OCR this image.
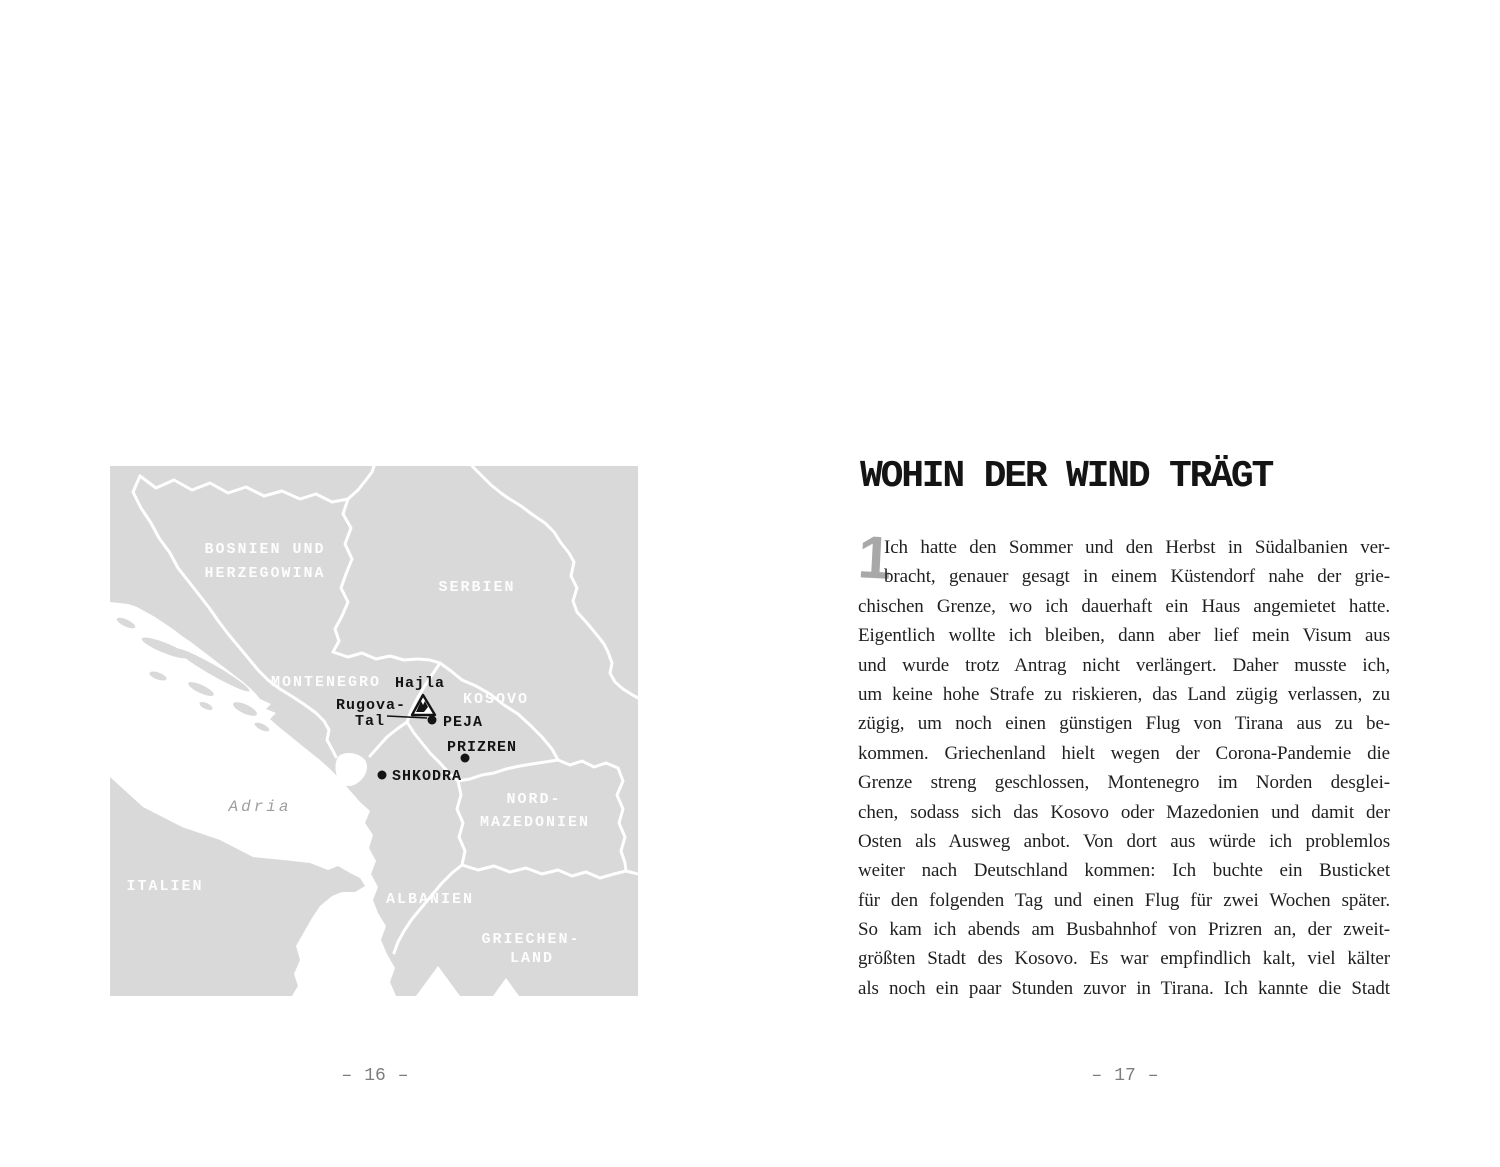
BOSNIEN UND
HERZEGOWINA
SERBIEN
MONTENEGRO
KOSOVO
NORD-
MAZEDONIEN
ALBANIEN
GRIECHEN-
LAND
ITALIEN
Adria
Hajla
Rugova-
Tal	PEJA
PRIZREN
SHKODRA
– 16 –
WOHIN DER WIND TRÄGT
1
Ich hatte den Sommer und den Herbst in Südalbanien ver-
bracht, genauer gesagt in einem Küstendorf nahe der grie-
chischen Grenze, wo ich dauerhaft ein Haus angemietet hatte.
Eigentlich wollte ich bleiben, dann aber lief mein Visum aus
und wurde trotz Antrag nicht verlängert. Daher musste ich,
um keine hohe Strafe zu riskieren, das Land zügig verlassen, zu
zügig, um noch einen günstigen Flug von Tirana aus zu be-
kommen. Griechenland hielt wegen der Corona-Pandemie die
Grenze streng geschlossen, Montenegro im Norden desglei-
chen, sodass sich das Kosovo oder Mazedonien und damit der
Osten als Ausweg anbot. Von dort aus würde ich problemlos
weiter nach Deutschland kommen: Ich buchte ein Busticket
für den folgenden Tag und einen Flug für zwei Wochen später.
So kam ich abends am Busbahnhof von Prizren an, der zweit-
größten Stadt des Kosovo. Es war empfindlich kalt, viel kälter
als noch ein paar Stunden zuvor in Tirana. Ich kannte die Stadt
– 17 –
